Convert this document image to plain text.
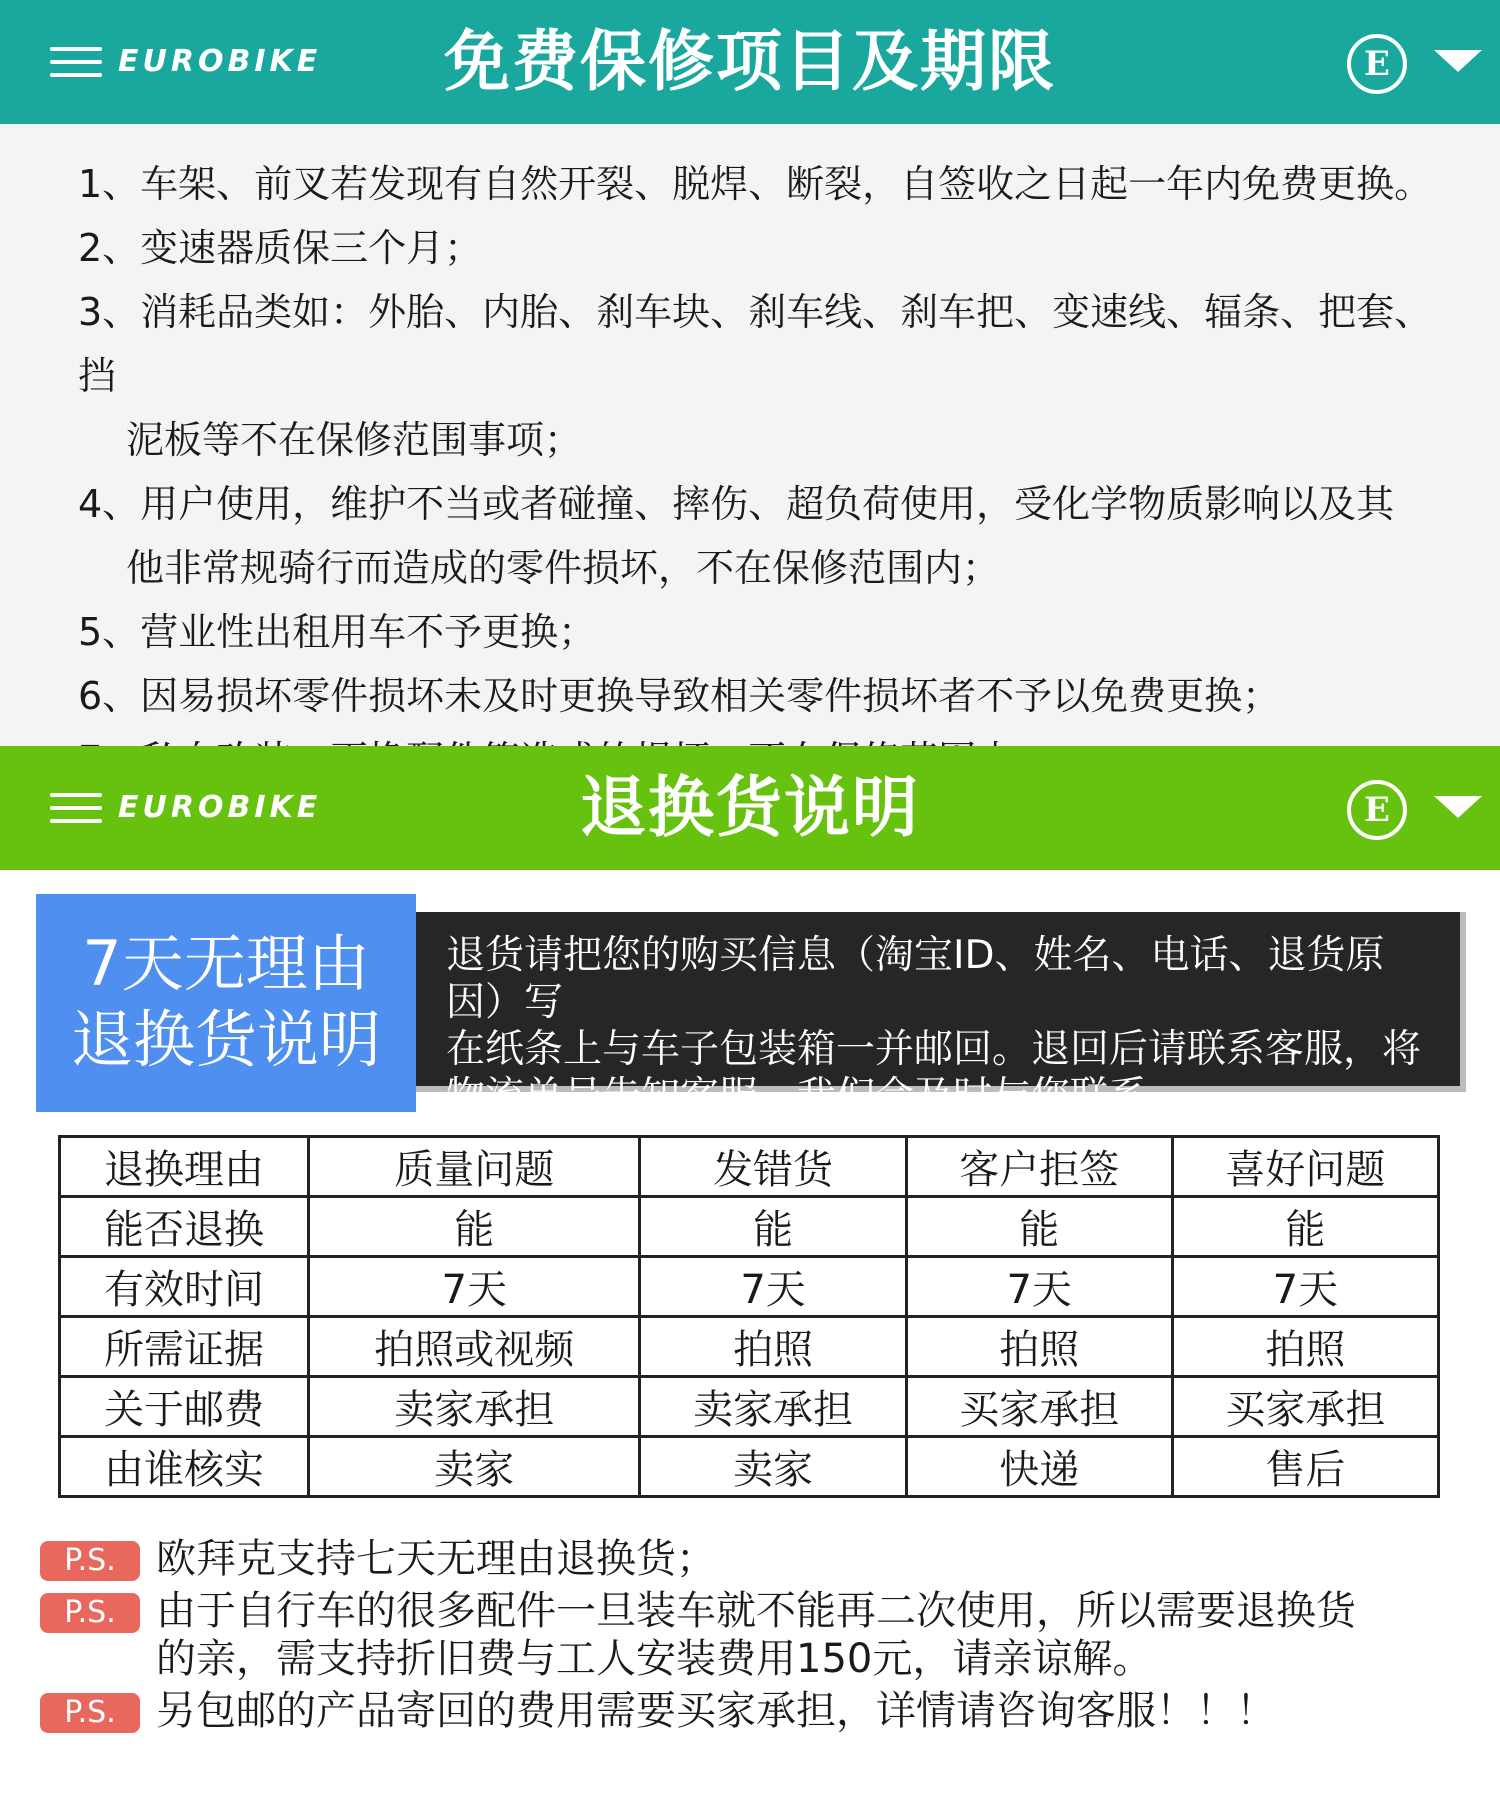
EUROBIKE	免费保修项目及期限	E
1、车架、前叉若发现有自然开裂、脱焊、断裂，自签收之日起一年内免费更换。
2、变速器质保三个月；
3、消耗品类如：外胎、内胎、刹车块、刹车线、刹车把、变速线、辐条、把套、挡
泥板等不在保修范围事项；
4、用户使用，维护不当或者碰撞、摔伤、超负荷使用，受化学物质影响以及其
他非常规骑行而造成的零件损坏，不在保修范围内；
5、营业性出租用车不予更换；
6、因易损坏零件损坏未及时更换导致相关零件损坏者不予以免费更换；
EUROBIKE	退换货说明	E
7天无理由
退换货说明
退货请把您的购买信息（淘宝ID、姓名、电话、退货原因）写
在纸条上与车子包装箱一并邮回。退回后请联系客服，将
物流单号告知客服，我们会及时与您联系。
退换理由	质量问题	发错货	客户拒签	喜好问题
能否退换	能	能	能	能
有效时间	7天	7天	7天	7天
所需证据	拍照或视频	拍照	拍照	拍照
关于邮费	卖家承担	卖家承担	买家承担	买家承担
由谁核实	卖家	卖家	快递	售后
P.S.	欧拜克支持七天无理由退换货；
P.S.	由于自行车的很多配件一旦装车就不能再二次使用，所以需要退换货
的亲，需支持折旧费与工人安装费用150元，请亲谅解。
P.S.	另包邮的产品寄回的费用需要买家承担，详情请咨询客服！！！
